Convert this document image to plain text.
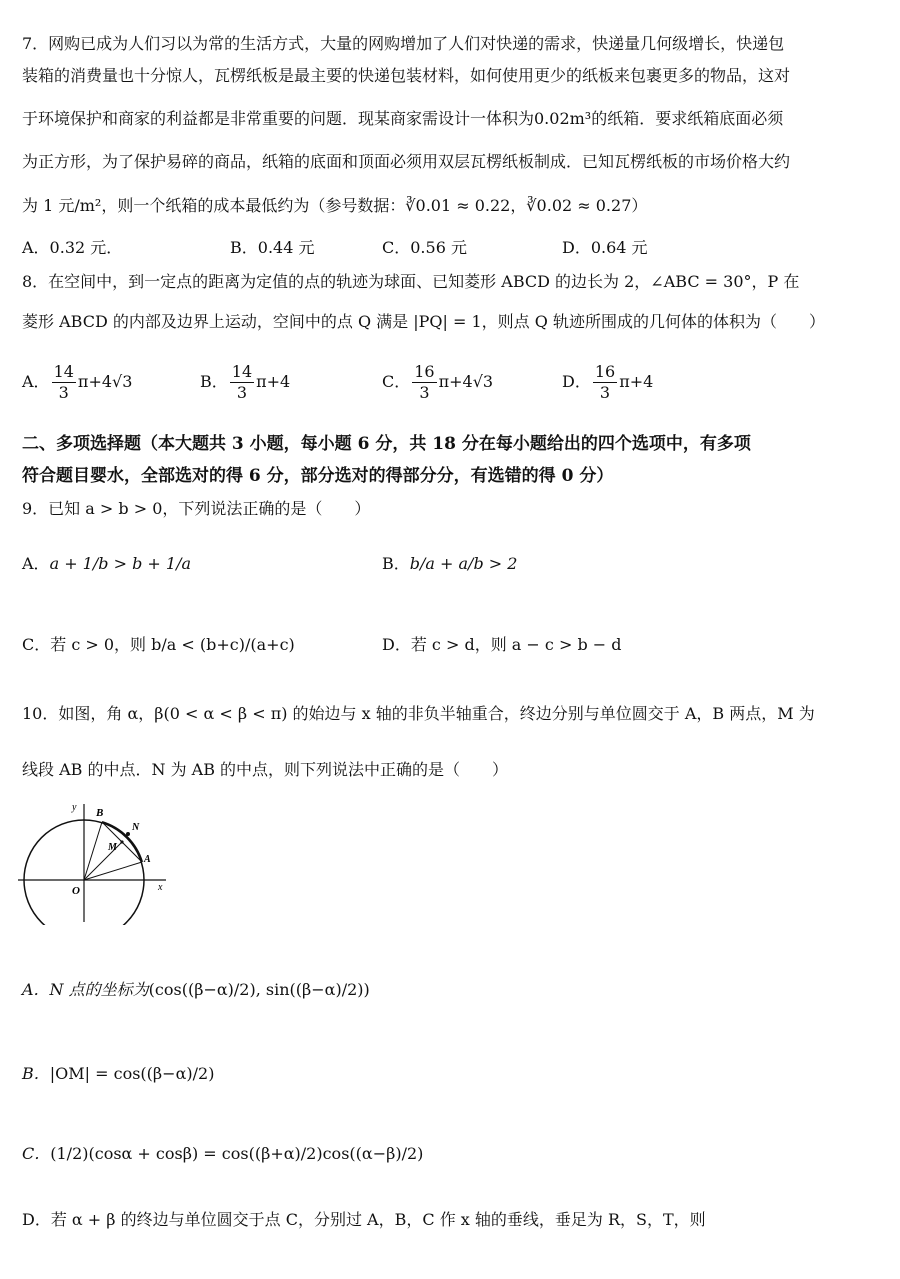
7．网购已成为人们习以为常的生活方式，大量的网购增加了人们对快递的需求，快递量几何级增长，快递包
装箱的消费量也十分惊人，瓦楞纸板是最主要的快递包装材料，如何使用更少的纸板来包裹更多的物品，这对
于环境保护和商家的利益都是非常重要的问题．现某商家需设计一体积为0.02m³的纸箱．要求纸箱底面必须
为正方形，为了保护易碎的商品，纸箱的底面和顶面必须用双层瓦楞纸板制成．已知瓦楞纸板的市场价格大约
为 1 元/m²，则一个纸箱的成本最低约为（参号数据：∛0.01 ≈ 0.22，∛0.02 ≈ 0.27）
A．0.32 元．	B．0.44 元	C．0.56 元	D．0.64 元
8．在空间中，到一定点的距离为定值的点的轨迹为球面、已知菱形 ABCD 的边长为 2，∠ABC = 30°，P 在
菱形 ABCD 的内部及边界上运动，空间中的点 Q 满是 |PQ| = 1，则点 Q 轨迹所围成的几何体的体积为（　　）
A． $\frac{14}{3} \pi+4√3$	B． $\frac{14}{3} \pi+4$	C． $\frac{16}{3} \pi+4√3$	D． $\frac{16}{3} \pi+4$
二、多项选择题（本大题共 3 小题，每小题 6 分，共 18 分在每小题给出的四个选项中，有多项
符合题目婴水，全部选对的得 6 分，部分选对的得部分分，有选错的得 0 分）
9．已知 a > b > 0，下列说法正确的是（　　）
A．a + 1/b > b + 1/a	B．b/a + a/b > 2
C．若 c > 0，则 b/a < (b+c)/(a+c)	D．若 c > d，则 a − c > b − d
10．如图，角 α，β(0 < α < β < π) 的始边与 x 轴的非负半轴重合，终边分别与单位圆交于 A，B 两点，M 为
线段 AB 的中点．N 为 AB 的中点，则下列说法中正确的是（　　）
y B
N
M
A
O	x
A．N 点的坐标为(cos((β−α)/2), sin((β−α)/2))
B．|OM| = cos((β−α)/2)
C．(1/2)(cosα + cosβ) = cos((β+α)/2)cos((α−β)/2)
D．若 α + β 的终边与单位圆交于点 C，分别过 A，B，C 作 x 轴的垂线，垂足为 R，S，T，则
